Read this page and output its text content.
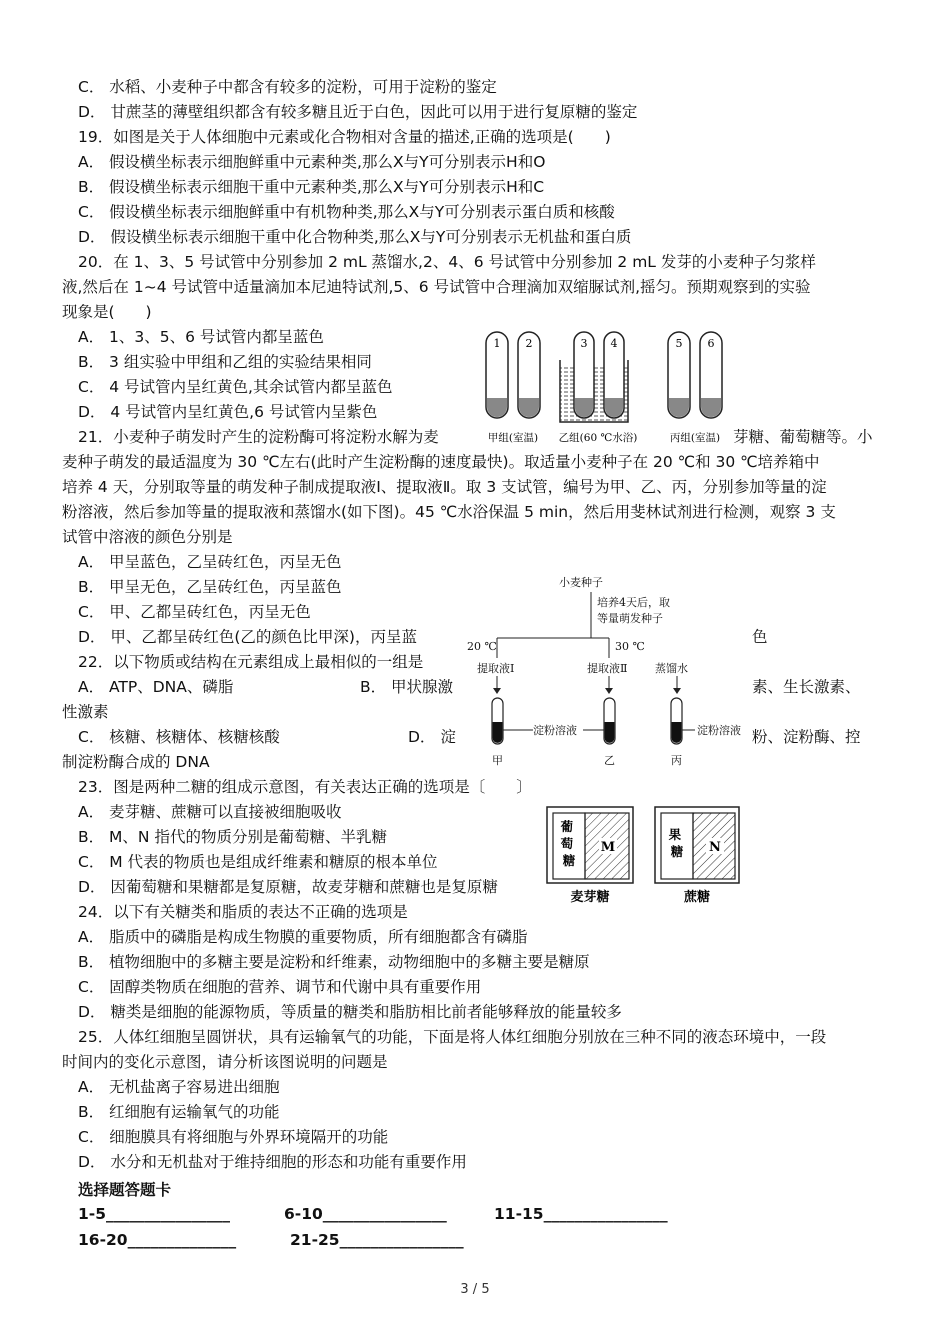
C． 水稻、小麦种子中都含有较多的淀粉，可用于淀粉的鉴定
D． 甘蔗茎的薄壁组织都含有较多糖且近于白色，因此可以用于进行复原糖的鉴定
19．如图是关于人体细胞中元素或化合物相对含量的描述,正确的选项是(　　)
A． 假设横坐标表示细胞鲜重中元素种类,那么X与Y可分别表示H和O
B． 假设横坐标表示细胞干重中元素种类,那么X与Y可分别表示H和C
C． 假设横坐标表示细胞鲜重中有机物种类,那么X与Y可分别表示蛋白质和核酸
D． 假设横坐标表示细胞干重中化合物种类,那么X与Y可分别表示无机盐和蛋白质
20．在 1、3、5 号试管中分别参加 2 mL 蒸馏水,2、4、6 号试管中分别参加 2 mL 发芽的小麦种子匀浆样
液,然后在 1~4 号试管中适量滴加本尼迪特试剂,5、6 号试管中合理滴加双缩脲试剂,摇匀。预期观察到的实验
现象是(　　)
A． 1、3、5、6 号试管内都呈蓝色
B． 3 组实验中甲组和乙组的实验结果相同
C． 4 号试管内呈红黄色,其余试管内都呈蓝色
D． 4 号试管内呈红黄色,6 号试管内呈紫色
21．小麦种子萌发时产生的淀粉酶可将淀粉水解为麦	芽糖、葡萄糖等。小
麦种子萌发的最适温度为 30 ℃左右(此时产生淀粉酶的速度最快)。取适量小麦种子在 20 ℃和 30 ℃培养箱中
培养 4 天，分别取等量的萌发种子制成提取液Ⅰ、提取液Ⅱ。取 3 支试管，编号为甲、乙、丙，分别参加等量的淀
粉溶液，然后参加等量的提取液和蒸馏水(如下图)。45 ℃水浴保温 5 min，然后用斐林试剂进行检测，观察 3 支
试管中溶液的颜色分别是
A． 甲呈蓝色，乙呈砖红色，丙呈无色
B． 甲呈无色，乙呈砖红色，丙呈蓝色
C． 甲、乙都呈砖红色，丙呈无色
D． 甲、乙都呈砖红色(乙的颜色比甲深)，丙呈蓝	色
22．以下物质或结构在元素组成上最相似的一组是
A． ATP、DNA、磷脂	B． 甲状腺激	素、生长激素、
性激素
C． 核糖、核糖体、核糖核酸	D． 淀	粉、淀粉酶、控
制淀粉酶合成的 DNA
23．图是两种二糖的组成示意图，有关表达正确的选项是〔　　〕
A． 麦芽糖、蔗糖可以直接被细胞吸收
B． M、N 指代的物质分别是葡萄糖、半乳糖
C． M 代表的物质也是组成纤维素和糖原的根本单位
D． 因葡萄糖和果糖都是复原糖，故麦芽糖和蔗糖也是复原糖
24．以下有关糖类和脂质的表达不正确的选项是
A． 脂质中的磷脂是构成生物膜的重要物质，所有细胞都含有磷脂
B． 植物细胞中的多糖主要是淀粉和纤维素，动物细胞中的多糖主要是糖原
C． 固醇类物质在细胞的营养、调节和代谢中具有重要作用
D． 糖类是细胞的能源物质，等质量的糖类和脂肪相比前者能够释放的能量较多
25．人体红细胞呈圆饼状，具有运输氧气的功能，下面是将人体红细胞分别放在三种不同的液态环境中，一段
时间内的变化示意图，请分析该图说明的问题是
A． 无机盐离子容易进出细胞
B． 红细胞有运输氧气的功能
C． 细胞膜具有将细胞与外界环境隔开的功能
D． 水分和无机盐对于维持细胞的形态和功能有重要作用
选择题答题卡
1-5________________	6-10________________	11-15________________
16-20______________	21-25________________
1 2	3 4	5 6
甲组(室温) 乙组(60 ℃水浴)	丙组(室温)
小麦种子
培养4天后，取
等量萌发种子
20 ℃	30 ℃
提取液Ⅰ	提取液Ⅱ	蒸馏水
淀粉溶液	淀粉溶液
甲	乙	丙
M
葡 萄 糖
麦芽糖
N
果 糖
蔗糖
3 / 5
